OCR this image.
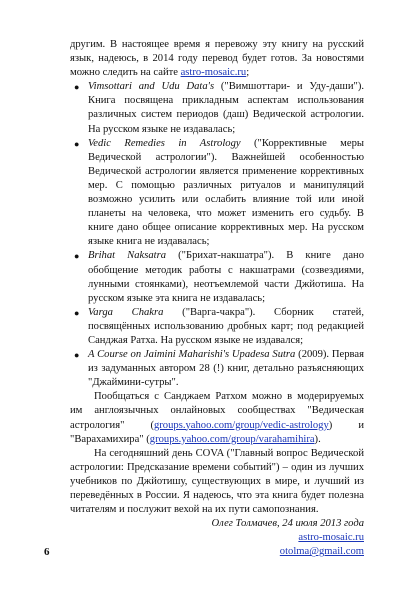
другим. В настоящее время я перевожу эту книгу на русский язык, надеюсь, в 2014 году перевод будет готов. За новостями можно следить на сайте astro-mosaic.ru;

● Vimsottari and Udu Data's ("Вимшоттари- и Уду-даши"). Книга посвящена прикладным аспектам использования различных систем периодов (даш) Ведической астрологии. На русском языке не издавалась;
● Vedic Remedies in Astrology ("Коррективные меры Ведической астрологии"). Важнейшей особенностью Ведической астрологии является применение коррективных мер. С помощью различных ритуалов и манипуляций возможно усилить или ослабить влияние той или иной планеты на человека, что может изменить его судьбу. В книге дано общее описание коррективных мер. На русском языке книга не издавалась;
● Brihat Naksatra ("Брихат-накшатра"). В книге дано обобщение методик работы с накшатрами (созвездиями, лунными стоянками), неотъемлемой части Джйотиша. На русском языке эта книга не издавалась;
● Varga Chakra ("Варга-чакра"). Сборник статей, посвящённых использованию дробных карт; под редакцией Санджая Ратха. На русском языке не издавался;
● A Course on Jaimini Maharishi's Upadesa Sutra (2009). Первая из задуманных автором 28 (!) книг, детально разъясняющих "Джаймини-сутры".

Пообщаться с Санджаем Ратхом можно в модерируемых им англоязычных онлайновых сообществах "Ведическая астрология" (groups.yahoo.com/group/vedic-astrology) и "Варахамихира" (groups.yahoo.com/group/varahamihira).

На сегодняшний день COVA ("Главный вопрос Ведической астрологии: Предсказание времени событий") – один из лучших учебников по Джйотишу, существующих в мире, и лучший из переведённых в России. Я надеюсь, что эта книга будет полезна читателям и послужит вехой на их пути самопознания.

Олег Толмачев, 24 июля 2013 года
astro-mosaic.ru
otolma@gmail.com
6
